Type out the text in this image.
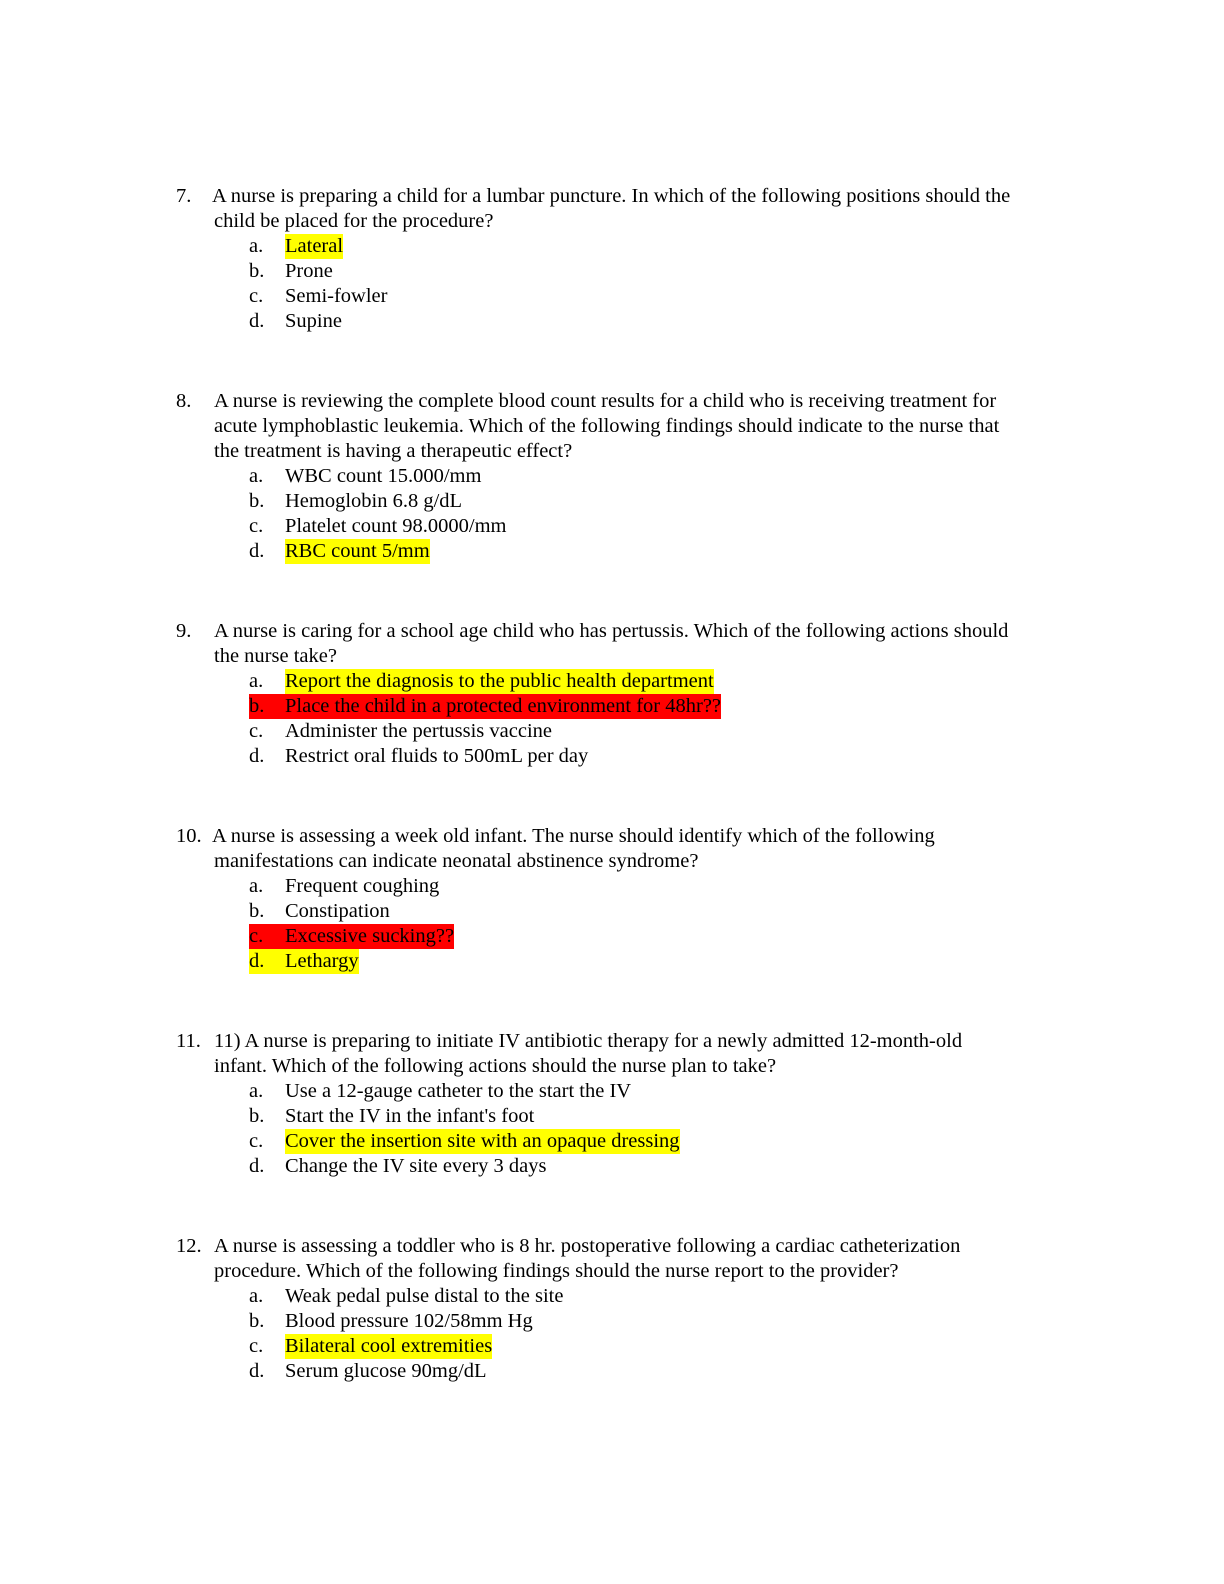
7. A nurse is preparing a child for a lumbar puncture. In which of the following positions should the
child be placed for the procedure?
a. Lateral
b. Prone
c. Semi-fowler
d. Supine
8. A nurse is reviewing the complete blood count results for a child who is receiving treatment for
acute lymphoblastic leukemia. Which of the following findings should indicate to the nurse that
the treatment is having a therapeutic effect?
a. WBC count 15.000/mm
b. Hemoglobin 6.8 g/dL
c. Platelet count 98.0000/mm
d. RBC count 5/mm
9. A nurse is caring for a school age child who has pertussis. Which of the following actions should
the nurse take?
a. Report the diagnosis to the public health department
b. Place the child in a protected environment for 48hr??
c. Administer the pertussis vaccine
d. Restrict oral fluids to 500mL per day
10. A nurse is assessing a week old infant. The nurse should identify which of the following
manifestations can indicate neonatal abstinence syndrome?
a. Frequent coughing
b. Constipation
c. Excessive sucking??
d. Lethargy
11. 11) A nurse is preparing to initiate IV antibiotic therapy for a newly admitted 12-month-old
infant. Which of the following actions should the nurse plan to take?
a. Use a 12-gauge catheter to the start the IV
b. Start the IV in the infant's foot
c. Cover the insertion site with an opaque dressing
d. Change the IV site every 3 days
12. A nurse is assessing a toddler who is 8 hr. postoperative following a cardiac catheterization
procedure. Which of the following findings should the nurse report to the provider?
a. Weak pedal pulse distal to the site
b. Blood pressure 102/58mm Hg
c. Bilateral cool extremities
d. Serum glucose 90mg/dL
